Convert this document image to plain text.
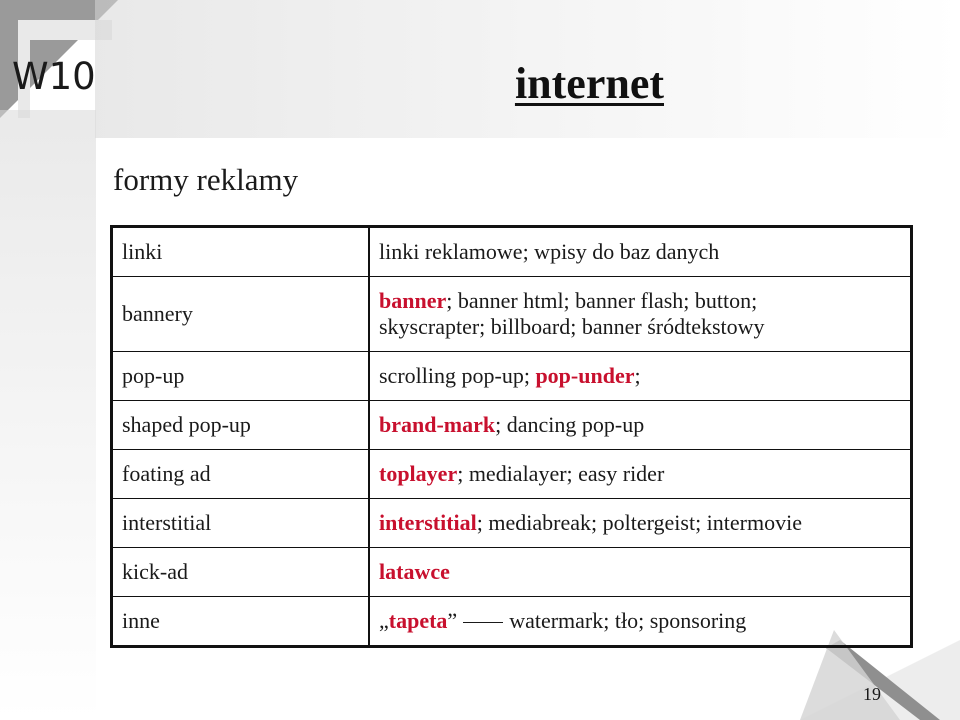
W10	internet
formy reklamy
linki	linki reklamowe; wpisy do baz danych
bannery	banner; banner html; banner flash; button;
skyscrapter; billboard; banner śródtekstowy
pop-up	scrolling pop-up; pop-under;
shaped pop-up	brand-mark; dancing pop-up
foating ad	toplayer; medialayer; easy rider
interstitial	interstitial; mediabreak; poltergeist; intermovie
kick-ad	latawce
inne	„tapeta” watermark; tło; sponsoring
19
